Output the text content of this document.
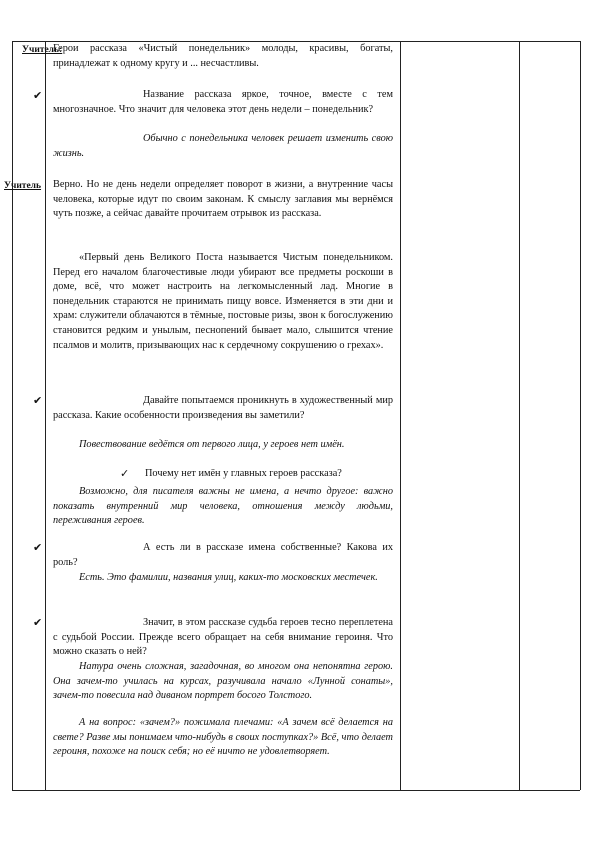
Учитель:
Герои рассказа «Чистый понедельник» молоды, красивы, богаты, принадлежат к одному кругу и ... несчастливы.
✔	Название рассказа яркое, точное, вместе с тем многозначное. Что значит для человека этот день недели – понедельник?
Обычно с понедельника человек решает изменить свою жизнь.
Учитель Верно. Но не день недели определяет поворот в жизни, а внутренние часы человека, которые идут по своим законам. К смыслу заглавия мы вернёмся чуть позже, а сейчас давайте прочитаем отрывок из рассказа.
«Первый день Великого Поста называется Чистым понедельником. Перед его началом благочестивые люди убирают все предметы роскоши в доме, всё, что может настроить на легкомысленный лад. Многие в понедельник стараются не принимать пищу вовсе. Изменяется в эти дни и храм: служители облачаются в тёмные, постовые ризы, звон к богослужению становится редким и унылым, песнопений бывает мало, слышится чтение псалмов и молитв, призывающих нас к сердечному сокрушению о грехах».
✔	Давайте попытаемся проникнуть в художественный мир рассказа. Какие особенности произведения вы заметили?
Повествование ведётся от первого лица, у героев нет имён.
✓ Почему нет имён у главных героев рассказа?
Возможно, для писателя важны не имена, а нечто другое: важно показать внутренний мир человека, отношения между людьми, переживания героев.
✔	А есть ли в рассказе имена собственные? Какова их роль?
Есть. Это фамилии, названия улиц, каких-то московских местечек.
✔	Значит, в этом рассказе судьба героев тесно переплетена с судьбой России. Прежде всего обращает на себя внимание героиня. Что можно сказать о ней?
Натура очень сложная, загадочная, во многом она непонятна герою. Она зачем-то училась на курсах, разучивала начало «Лунной сонаты», зачем-то повесила над диваном портрет босого Толстого.
А на вопрос: «зачем?» пожимала плечами: «А зачем всё делается на свете? Разве мы понимаем что-нибудь в своих поступках?» Всё, что делает героиня, похоже на поиск себя; но её ничто не удовлетворяет.
